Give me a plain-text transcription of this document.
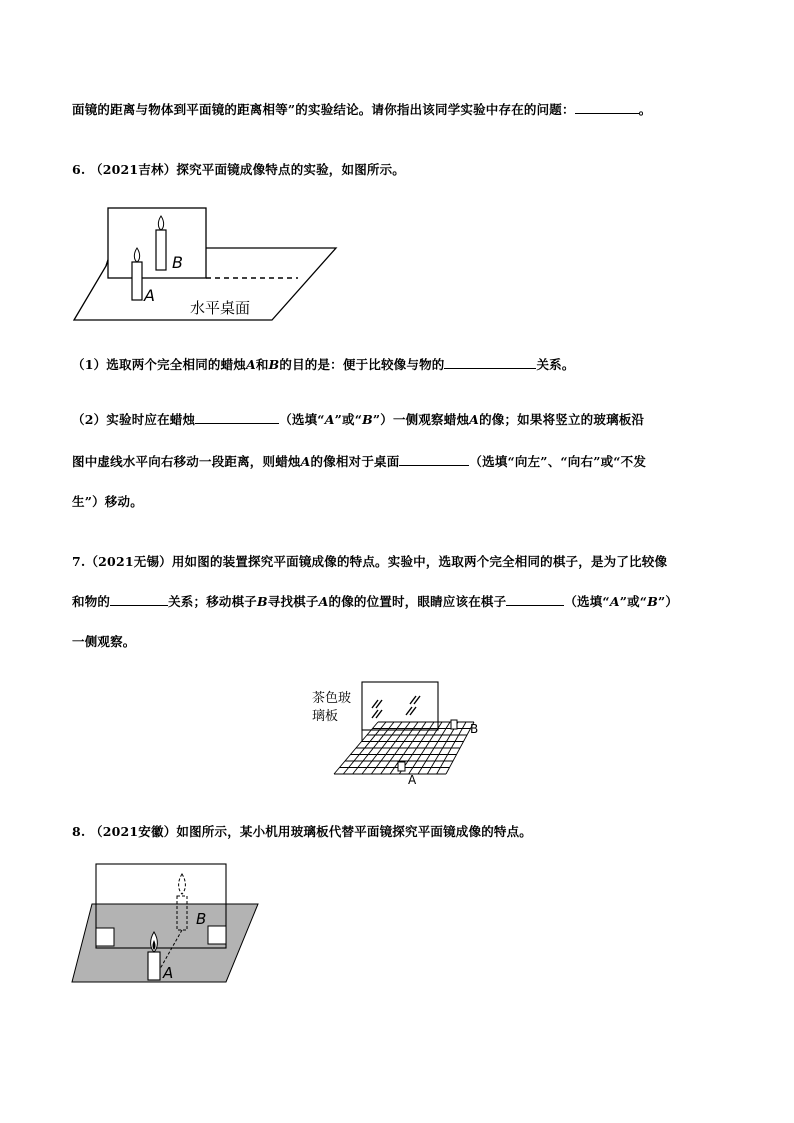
面镜的距离与物体到平面镜的距离相等”的实验结论。请你指出该同学实验中存在的问题：	。
6. （2021吉林）探究平面镜成像特点的实验，如图所示。
B
A
水平桌面
（1）选取两个完全相同的蜡烛A和B的目的是：便于比较像与物的	关系。
（2）实验时应在蜡烛	（选填“A”或“B”）一侧观察蜡烛A的像；如果将竖立的玻璃板沿
图中虚线水平向右移动一段距离，则蜡烛A的像相对于桌面	（选填“向左”、“向右”或“不发
生”）移动。
7.（2021无锡）用如图的装置探究平面镜成像的特点。实验中，选取两个完全相同的棋子，是为了比较像
和物的	关系；移动棋子B寻找棋子A的像的位置时，眼睛应该在棋子	（选填“A”或“B”）
一侧观察。
茶色玻
璃板
B
A
8. （2021安徽）如图所示，某小机用玻璃板代替平面镜探究平面镜成像的特点。
B
A
